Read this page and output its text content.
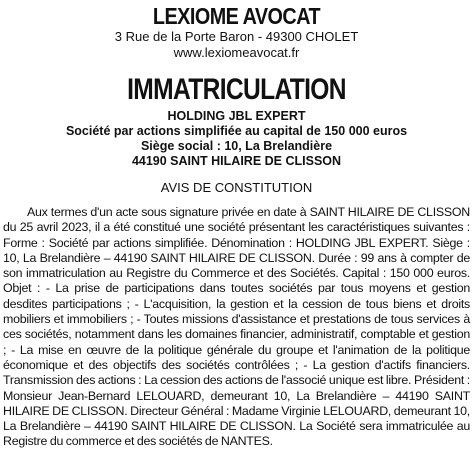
LEXIOME AVOCAT

3 Rue de la Porte Baron - 49300 CHOLET

www.lexiomeavocat.fr

IMMATRICULATION

HOLDING JBL EXPERT

Société par actions simplifiée au capital de 150 000 euros

Siège social : 10, La Brelandière

44190 SAINT HILAIRE DE CLISSON

AVIS DE CONSTITUTION

Aux termes d'un acte sous signature privée en date à SAINT HILAIRE DE CLISSON du 25 avril 2023, il a été constitué une société présentant les caractéristiques suivantes : Forme : Société par actions simplifiée. Dénomination : HOLDING JBL EXPERT. Siège : 10, La Brelandière – 44190 SAINT HILAIRE DE CLISSON. Durée : 99 ans à compter de son immatriculation au Registre du Commerce et des Sociétés. Capital : 150 000 euros. Objet : - La prise de participations dans toutes sociétés par tous moyens et gestion desdites participations ; - L'acquisition, la gestion et la cession de tous biens et droits mobiliers et immobiliers ; - Toutes missions d'assistance et prestations de tous services à ces sociétés, notamment dans les domaines financier, administratif, comptable et gestion ; - La mise en œuvre de la politique générale du groupe et l'animation de la politique économique et des objectifs des sociétés contrôlées ; - La gestion d'actifs financiers. Transmission des actions : La cession des actions de l'associé unique est libre. Président : Monsieur Jean-Bernard LELOUARD, demeurant 10, La Brelandière – 44190 SAINT HILAIRE DE CLISSON. Directeur Général : Madame Virginie LELOUARD, demeurant 10, La Brelandière – 44190 SAINT HILAIRE DE CLISSON. La Société sera immatriculée au Registre du commerce et des sociétés de NANTES.
